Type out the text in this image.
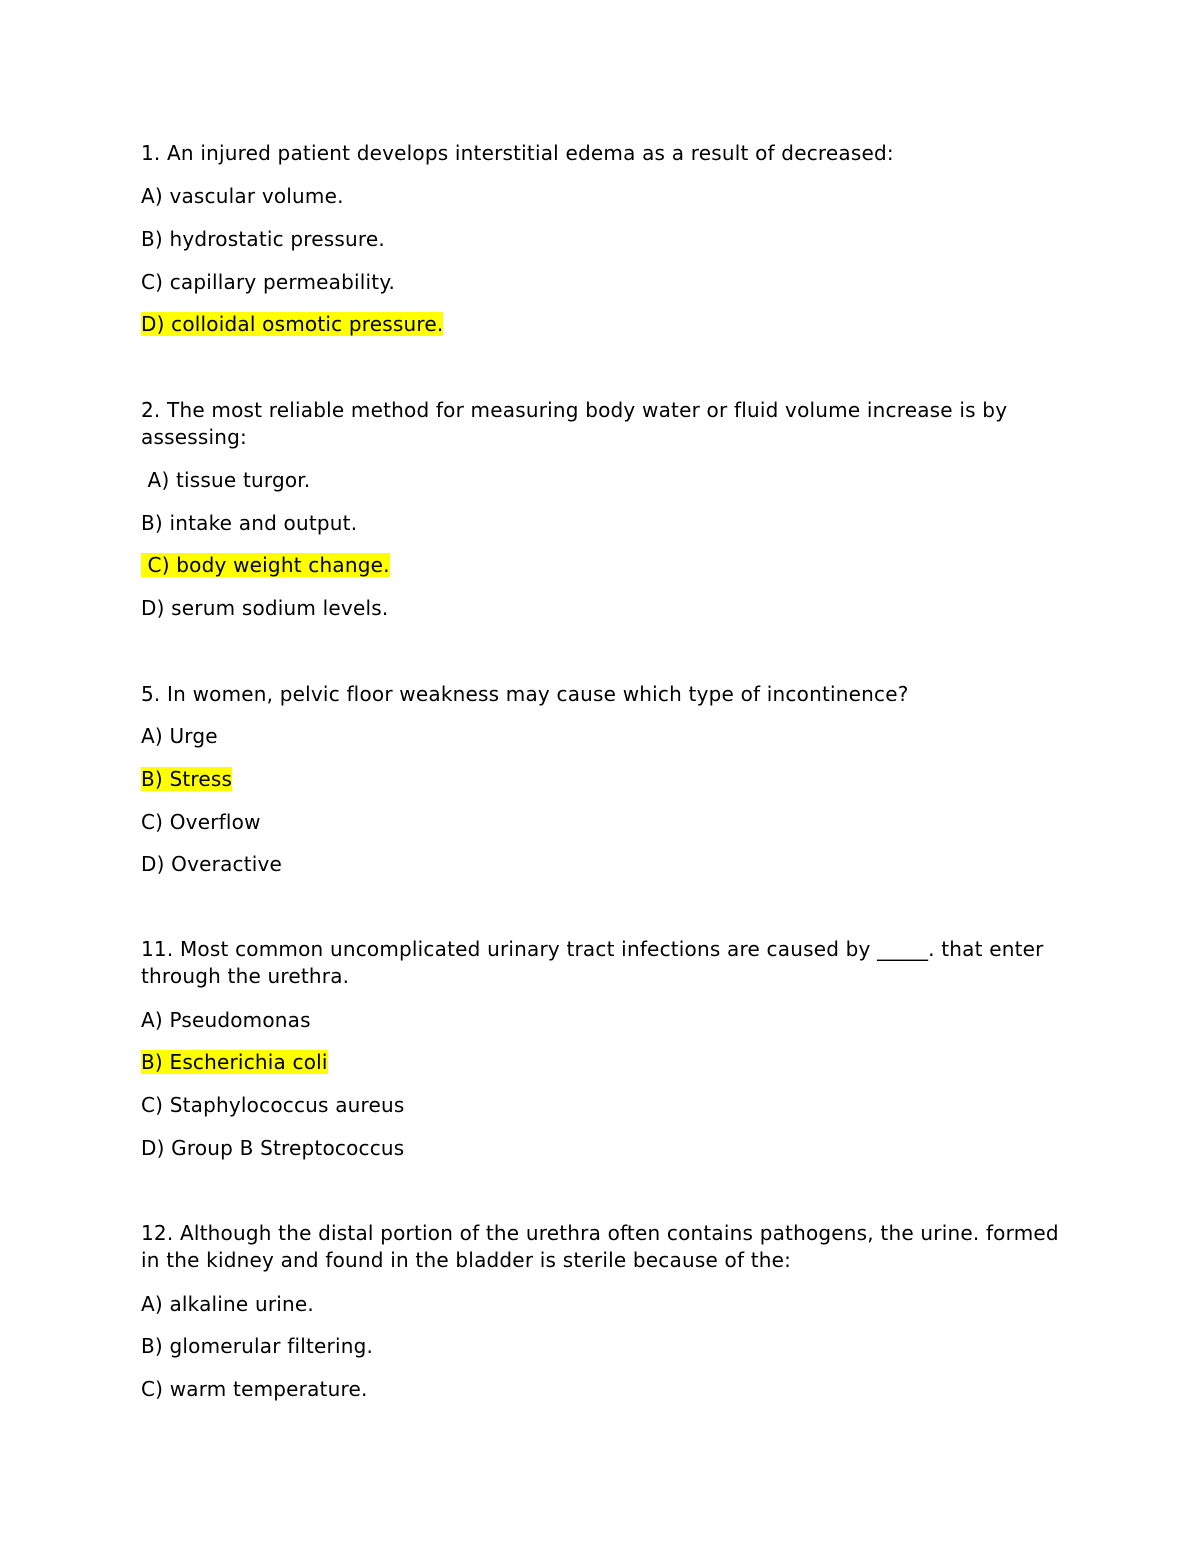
1. An injured patient develops interstitial edema as a result of decreased:
A) vascular volume.
B) hydrostatic pressure.
C) capillary permeability.
D) colloidal osmotic pressure.
2. The most reliable method for measuring body water or fluid volume increase is by assessing:
A) tissue turgor.
B) intake and output.
C) body weight change.
D) serum sodium levels.
5. In women, pelvic floor weakness may cause which type of incontinence?
A) Urge
B) Stress
C) Overflow
D) Overactive
11. Most common uncomplicated urinary tract infections are caused by _____. that enter through the urethra.
A) Pseudomonas
B) Escherichia coli
C) Staphylococcus aureus
D) Group B Streptococcus
12. Although the distal portion of the urethra often contains pathogens, the urine. formed in the kidney and found in the bladder is sterile because of the:
A) alkaline urine.
B) glomerular filtering.
C) warm temperature.
